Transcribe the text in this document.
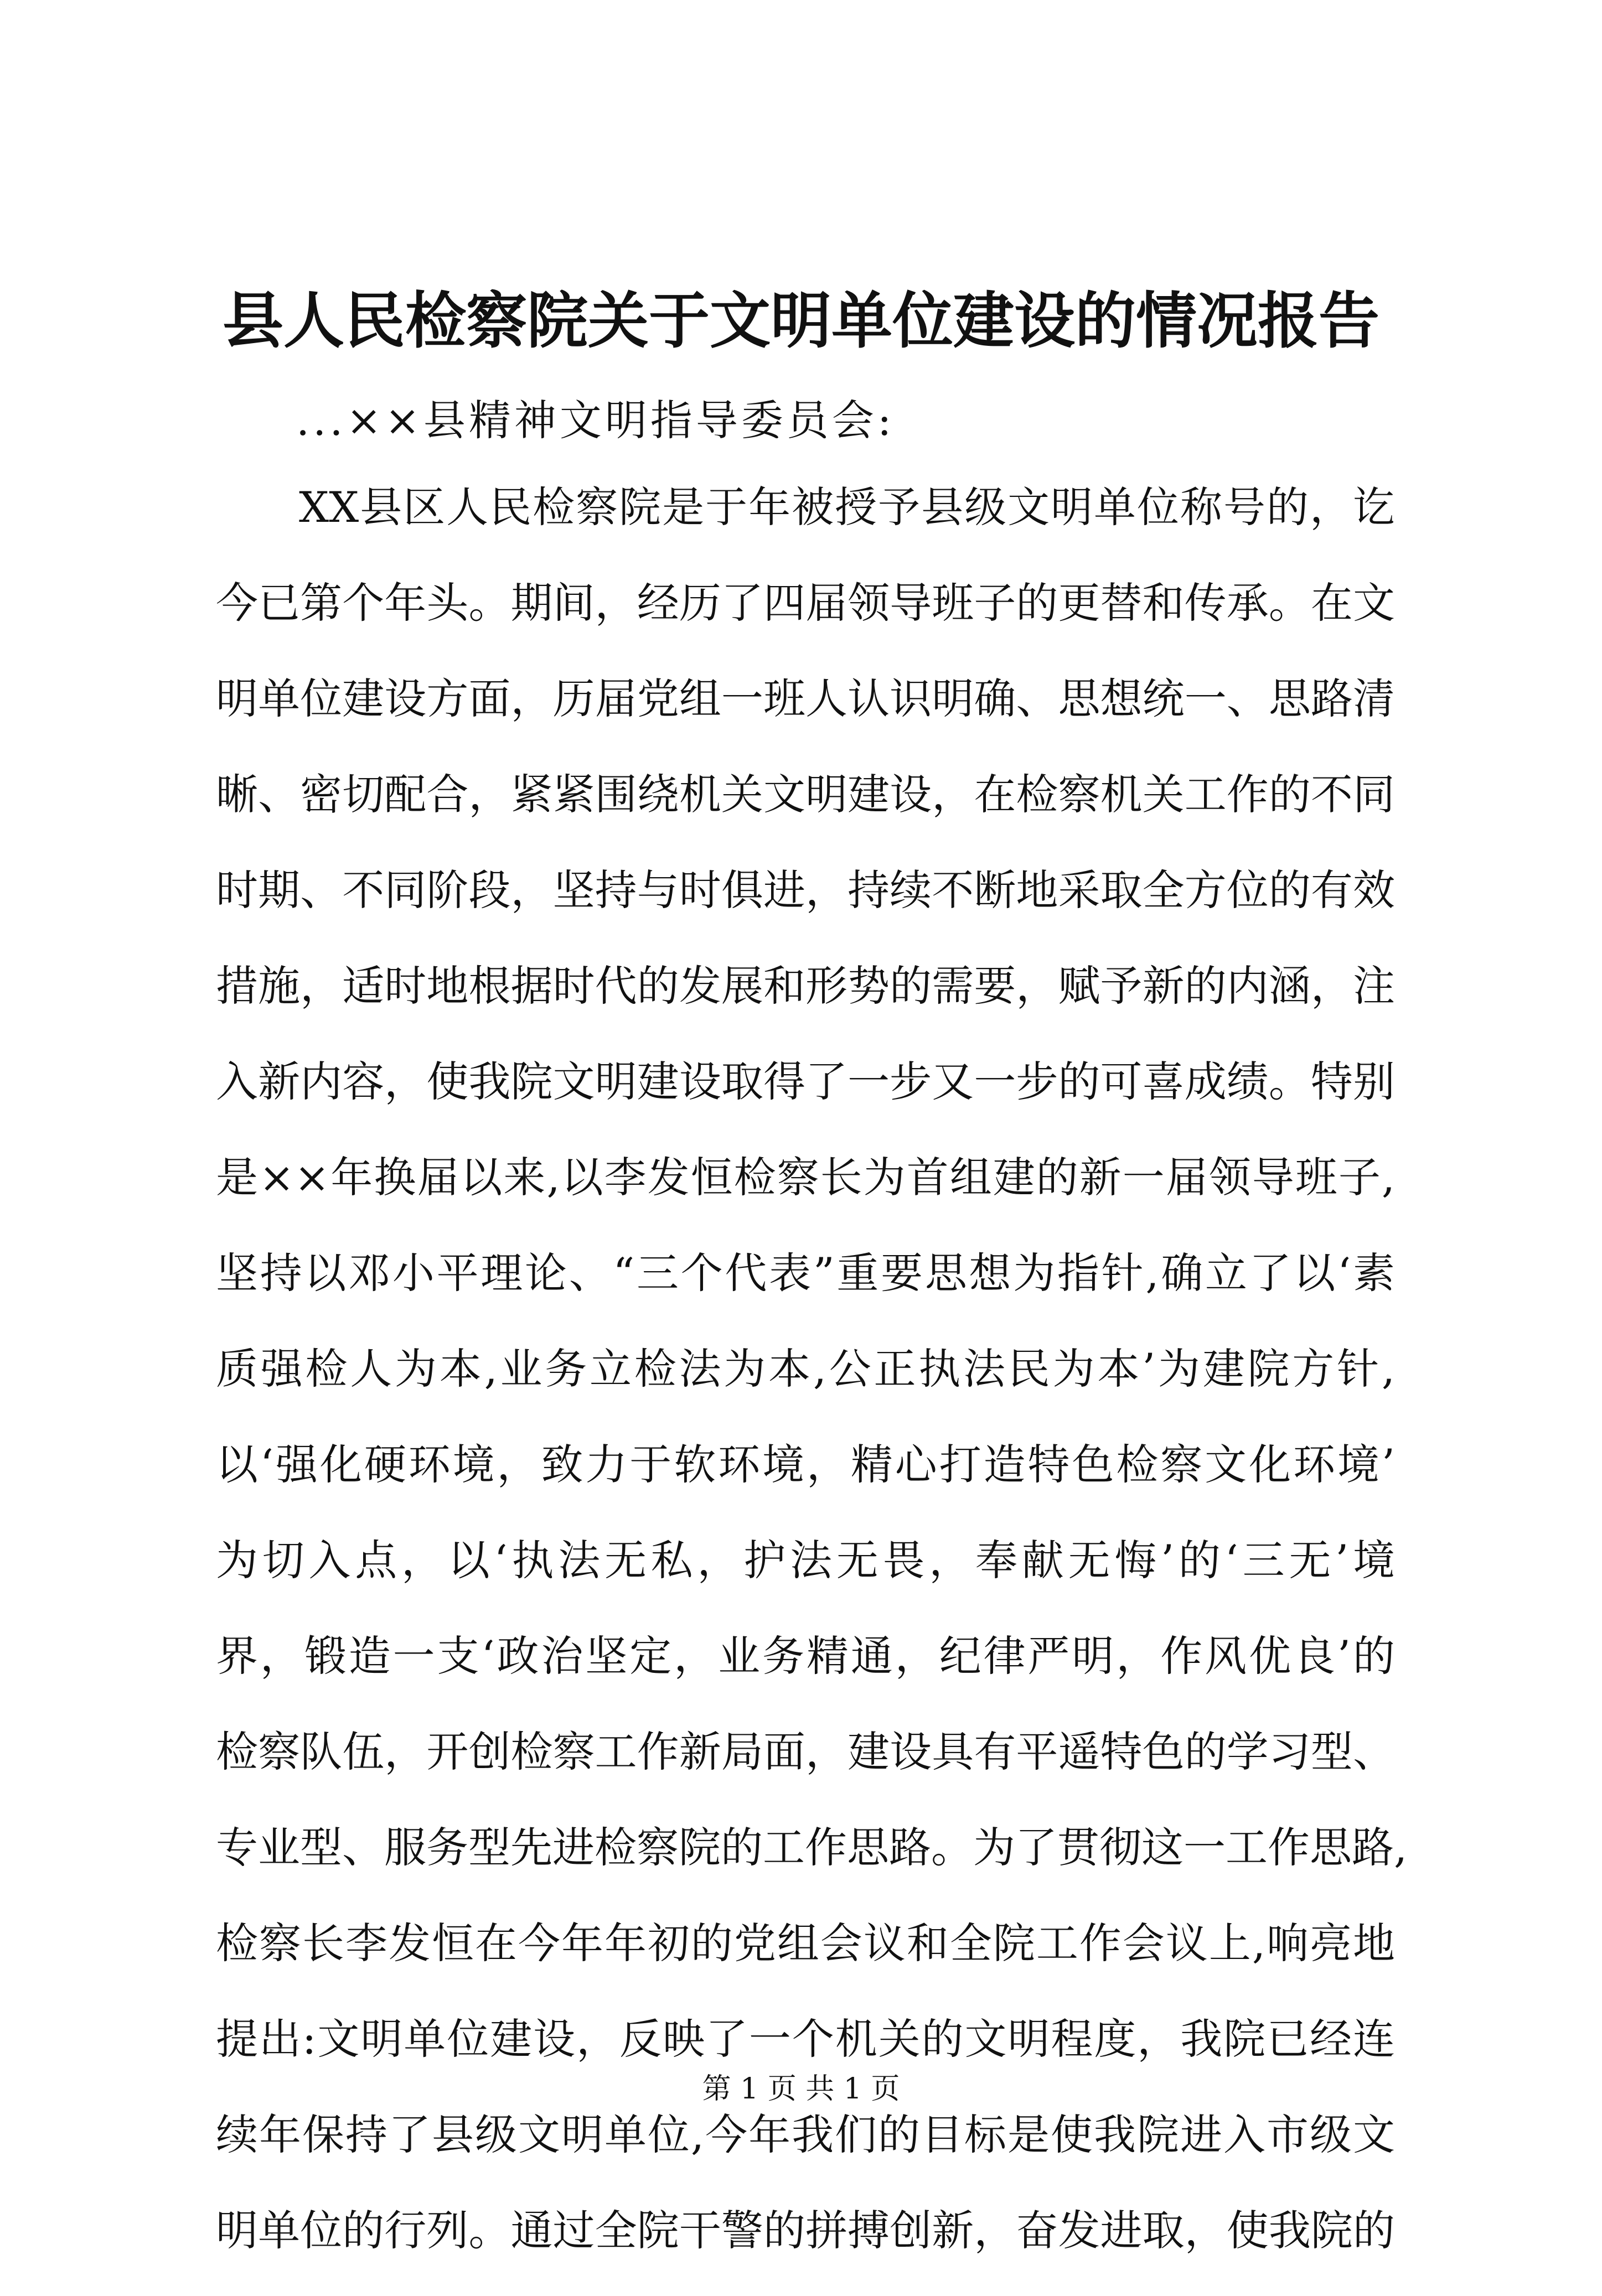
县人民检察院关于文明单位建设的情况报告
...××县精神文明指导委员会:
XX县区人民检察院是于年被授予县级文明单位称号的，讫
今已第个年头。期间，经历了四届领导班子的更替和传承。在文
明单位建设方面，历届党组一班人认识明确、思想统一、思路清
晰、密切配合，紧紧围绕机关文明建设，在检察机关工作的不同
时期、不同阶段，坚持与时俱进，持续不断地采取全方位的有效
措施，适时地根据时代的发展和形势的需要，赋予新的内涵，注
入新内容，使我院文明建设取得了一步又一步的可喜成绩。特别
是××年换届以来,以李发恒检察长为首组建的新一届领导班子,
坚持以邓小平理论、“三个代表”重要思想为指针,确立了以‘素
质强检人为本,业务立检法为本,公正执法民为本’为建院方针,
以‘强化硬环境，致力于软环境，精心打造特色检察文化环境’
为切入点，以‘执法无私，护法无畏，奉献无悔’的‘三无’境
界，锻造一支‘政治坚定，业务精通，纪律严明，作风优良’的
检察队伍，开创检察工作新局面，建设具有平遥特色的学习型、
专业型、服务型先进检察院的工作思路。为了贯彻这一工作思路,
检察长李发恒在今年年初的党组会议和全院工作会议上,响亮地
提出:文明单位建设，反映了一个机关的文明程度，我院已经连
续年保持了县级文明单位,今年我们的目标是使我院进入市级文
明单位的行列。通过全院干警的拼搏创新，奋发进取，使我院的
第 1 页 共 1 页
